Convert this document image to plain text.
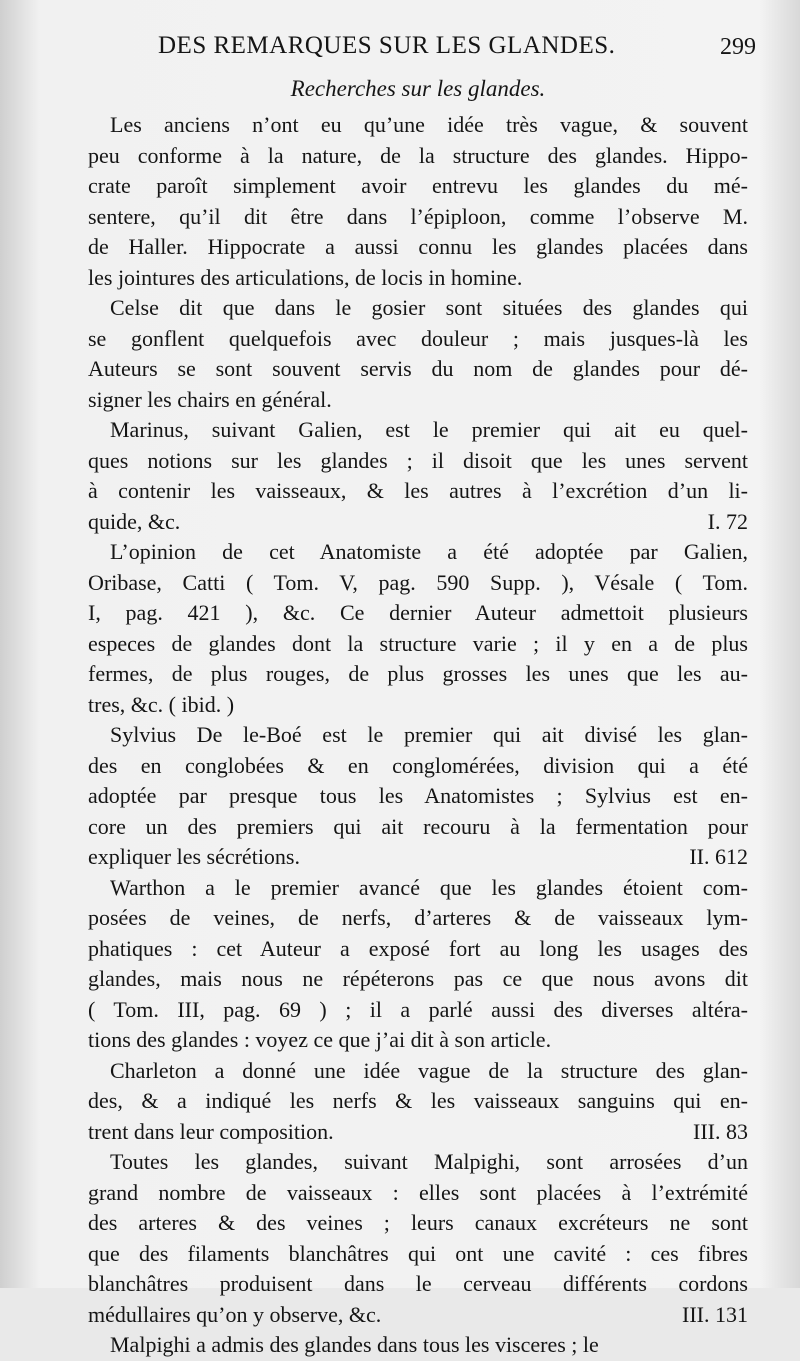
DES REMARQUES SUR LES GLANDES.	299
Recherches sur les glandes.
Les anciens n’ont eu qu’une idée très vague, & souvent
peu conforme à la nature, de la structure des glandes. Hippo-
crate paroît simplement avoir entrevu les glandes du mé-
sentere, qu’il dit être dans l’épiploon, comme l’observe M.
de Haller. Hippocrate a aussi connu les glandes placées dans
les jointures des articulations, de locis in homine.
Celse dit que dans le gosier sont situées des glandes qui
se gonflent quelquefois avec douleur ; mais jusques-là les
Auteurs se sont souvent servis du nom de glandes pour dé-
signer les chairs en général.
Marinus, suivant Galien, est le premier qui ait eu quel-
ques notions sur les glandes ; il disoit que les unes servent
à contenir les vaisseaux, & les autres à l’excrétion d’un li-
quide, &c.	I. 72
L’opinion de cet Anatomiste a été adoptée par Galien,
Oribase, Catti ( Tom. V, pag. 590 Supp. ), Vésale ( Tom.
I, pag. 421 ), &c. Ce dernier Auteur admettoit plusieurs
especes de glandes dont la structure varie ; il y en a de plus
fermes, de plus rouges, de plus grosses les unes que les au-
tres, &c. ( ibid. )
Sylvius De le-Boé est le premier qui ait divisé les glan-
des en conglobées & en conglomérées, division qui a été
adoptée par presque tous les Anatomistes ; Sylvius est en-
core un des premiers qui ait recouru à la fermentation pour
expliquer les sécrétions.	II. 612
Warthon a le premier avancé que les glandes étoient com-
posées de veines, de nerfs, d’arteres & de vaisseaux lym-
phatiques : cet Auteur a exposé fort au long les usages des
glandes, mais nous ne répéterons pas ce que nous avons dit
( Tom. III, pag. 69 ) ; il a parlé aussi des diverses altéra-
tions des glandes : voyez ce que j’ai dit à son article.
Charleton a donné une idée vague de la structure des glan-
des, & a indiqué les nerfs & les vaisseaux sanguins qui en-
trent dans leur composition.	III. 83
Toutes les glandes, suivant Malpighi, sont arrosées d’un
grand nombre de vaisseaux : elles sont placées à l’extrémité
des arteres & des veines ; leurs canaux excréteurs ne sont
que des filaments blanchâtres qui ont une cavité : ces fibres
blanchâtres produisent dans le cerveau différents cordons
médullaires qu’on y observe, &c.	III. 131
Malpighi a admis des glandes dans tous les visceres ; le
